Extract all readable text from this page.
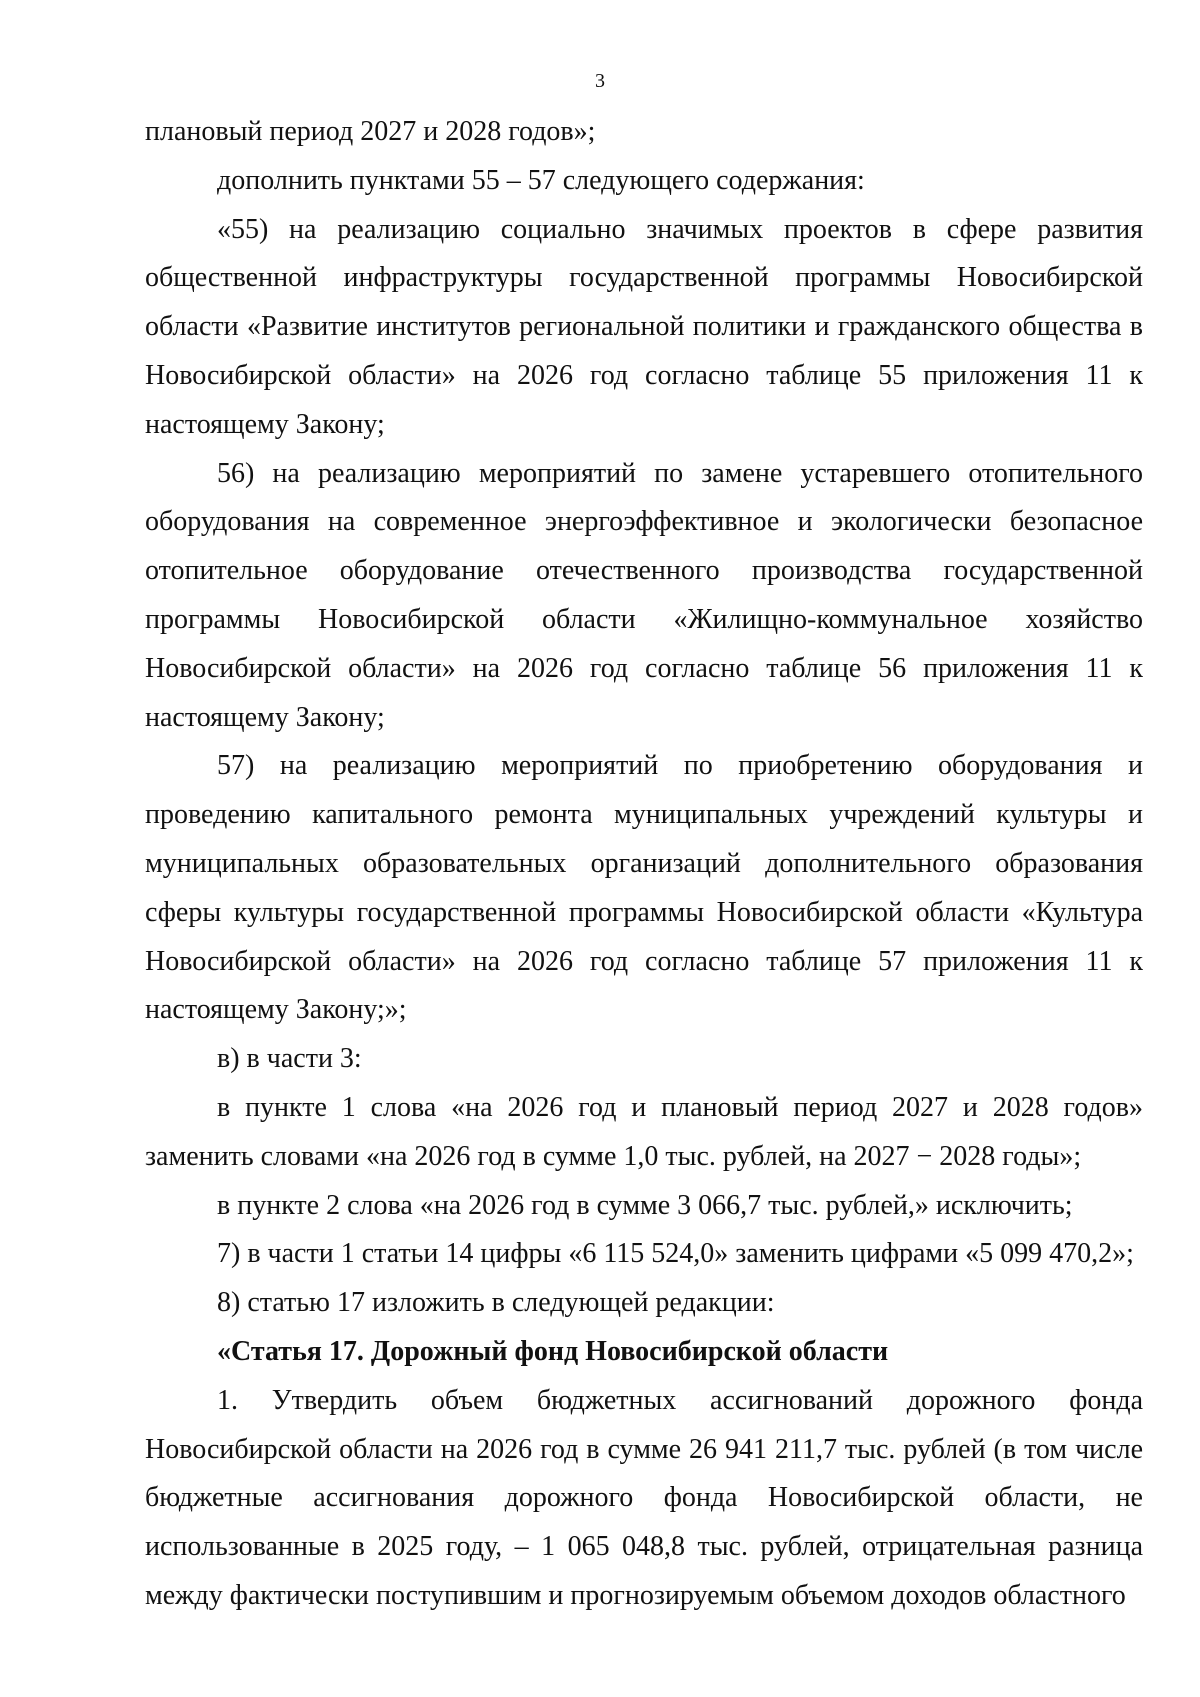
3

плановый период 2027 и 2028 годов»;

дополнить пунктами 55 – 57 следующего содержания:

«55) на реализацию социально значимых проектов в сфере развития общественной инфраструктуры государственной программы Новосибирской области «Развитие институтов региональной политики и гражданского общества в Новосибирской области» на 2026 год согласно таблице 55 приложения 11 к настоящему Закону;

56) на реализацию мероприятий по замене устаревшего отопительного оборудования на современное энергоэффективное и экологически безопасное отопительное оборудование отечественного производства государственной программы Новосибирской области «Жилищно-коммунальное хозяйство Новосибирской области» на 2026 год согласно таблице 56 приложения 11 к настоящему Закону;

57) на реализацию мероприятий по приобретению оборудования и проведению капитального ремонта муниципальных учреждений культуры и муниципальных образовательных организаций дополнительного образования сферы культуры государственной программы Новосибирской области «Культура Новосибирской области» на 2026 год согласно таблице 57 приложения 11 к настоящему Закону;»;

в) в части 3:

в пункте 1 слова «на 2026 год и плановый период 2027 и 2028 годов» заменить словами «на 2026 год в сумме 1,0 тыс. рублей, на 2027 − 2028 годы»;

в пункте 2 слова «на 2026 год в сумме 3 066,7 тыс. рублей,» исключить;

7) в части 1 статьи 14 цифры «6 115 524,0» заменить цифрами «5 099 470,2»;

8) статью 17 изложить в следующей редакции:

«Статья 17. Дорожный фонд Новосибирской области

1. Утвердить объем бюджетных ассигнований дорожного фонда Новосибирской области на 2026 год в сумме 26 941 211,7 тыс. рублей (в том числе бюджетные ассигнования дорожного фонда Новосибирской области, не использованные в 2025 году, – 1 065 048,8 тыс. рублей, отрицательная разница между фактически поступившим и прогнозируемым объемом доходов областного
